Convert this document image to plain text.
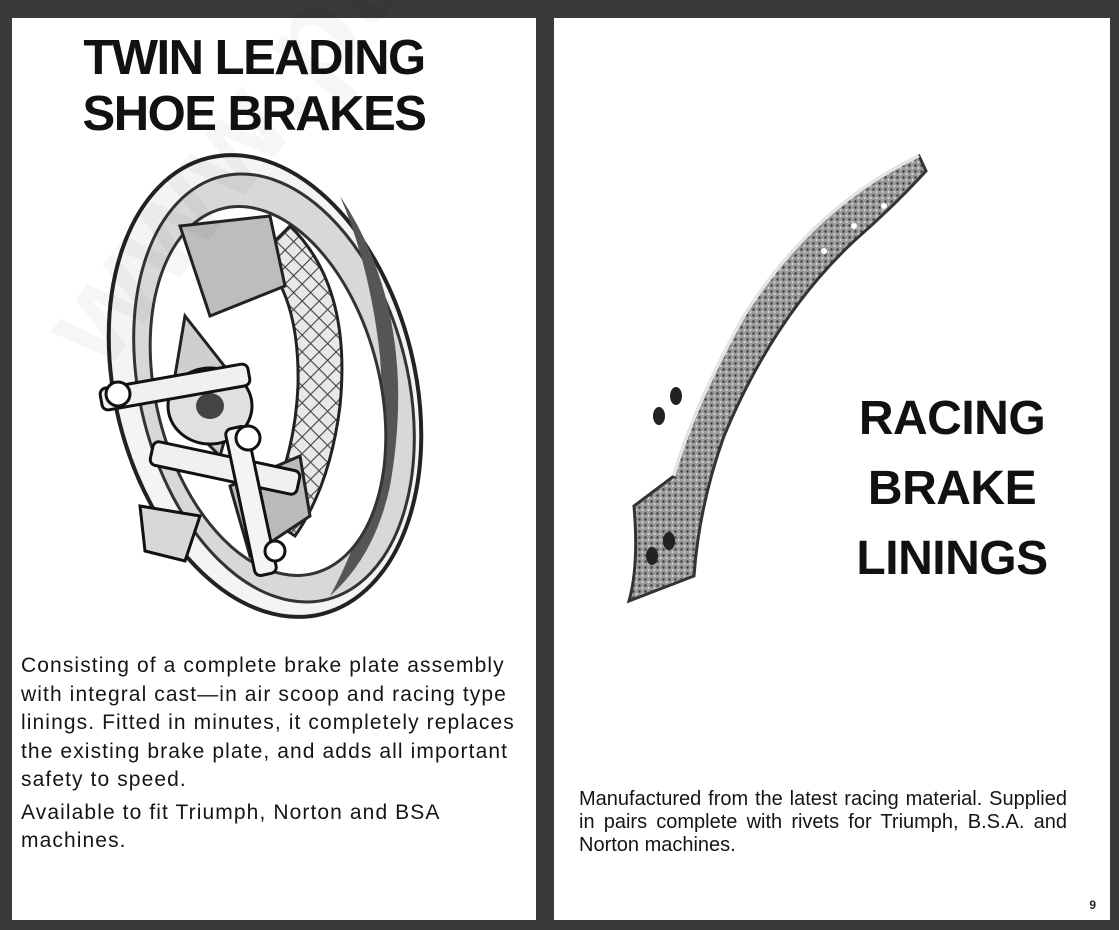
TWIN LEADING
SHOE BRAKES

Consisting of a complete brake plate assembly with integral cast—in air scoop and racing type linings. Fitted in minutes, it completely replaces the existing brake plate, and adds all important safety to speed.

Available to fit Triumph, Norton and BSA machines.

RACING
BRAKE
LININGS

Manufactured from the latest racing material. Supplied in pairs complete with rivets for Triumph, B.S.A. and Norton machines.

9
